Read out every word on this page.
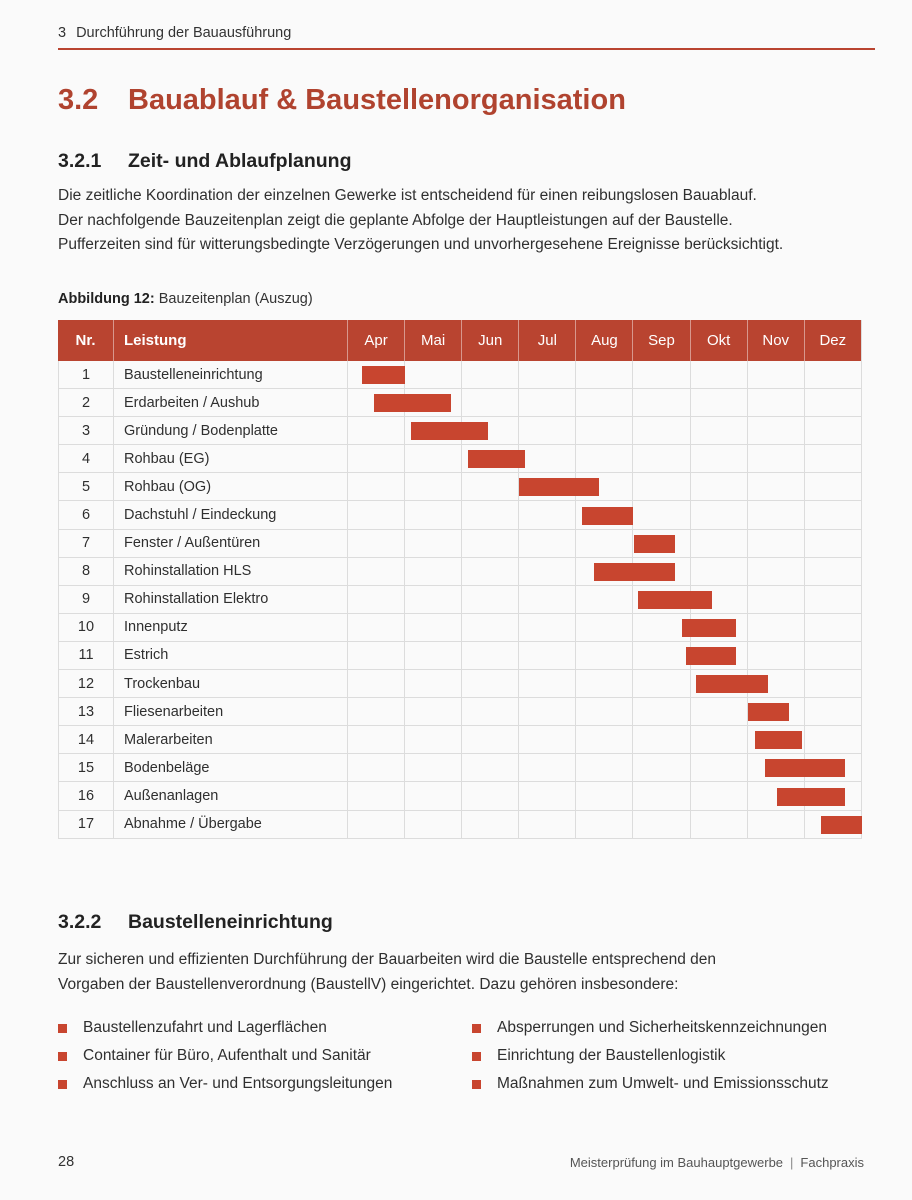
3 Durchführung der Bauausführung
3.2 Bauablauf & Baustellenorganisation
3.2.1 Zeit- und Ablaufplanung
Die zeitliche Koordination der einzelnen Gewerke ist entscheidend für einen reibungslosen Bauablauf.
Der nachfolgende Bauzeitenplan zeigt die geplante Abfolge der Hauptleistungen auf der Baustelle.
Pufferzeiten sind für witterungsbedingte Verzögerungen und unvorhergesehene Ereignisse berücksichtigt.
Abbildung 12: Bauzeitenplan (Auszug)
Nr.	Leistung	Apr	Mai	Jun	Jul	Aug	Sep	Okt	Nov	Dez
1	Baustelleneinrichtung
2	Erdarbeiten / Aushub
3	Gründung / Bodenplatte
4	Rohbau (EG)
5	Rohbau (OG)
6	Dachstuhl / Eindeckung
7	Fenster / Außentüren
8	Rohinstallation HLS
9	Rohinstallation Elektro
10	Innenputz
11	Estrich
12	Trockenbau
13	Fliesenarbeiten
14	Malerarbeiten
15	Bodenbeläge
16	Außenanlagen
17	Abnahme / Übergabe
3.2.2 Baustelleneinrichtung
Zur sicheren und effizienten Durchführung der Bauarbeiten wird die Baustelle entsprechend den
Vorgaben der Baustellenverordnung (BaustellV) eingerichtet. Dazu gehören insbesondere:
Baustellenzufahrt und Lagerflächen
Container für Büro, Aufenthalt und Sanitär
Anschluss an Ver- und Entsorgungsleitungen
Absperrungen und Sicherheitskennzeichnungen
Einrichtung der Baustellenlogistik
Maßnahmen zum Umwelt- und Emissionsschutz
28	Meisterprüfung im Bauhauptgewerbe | Fachpraxis
